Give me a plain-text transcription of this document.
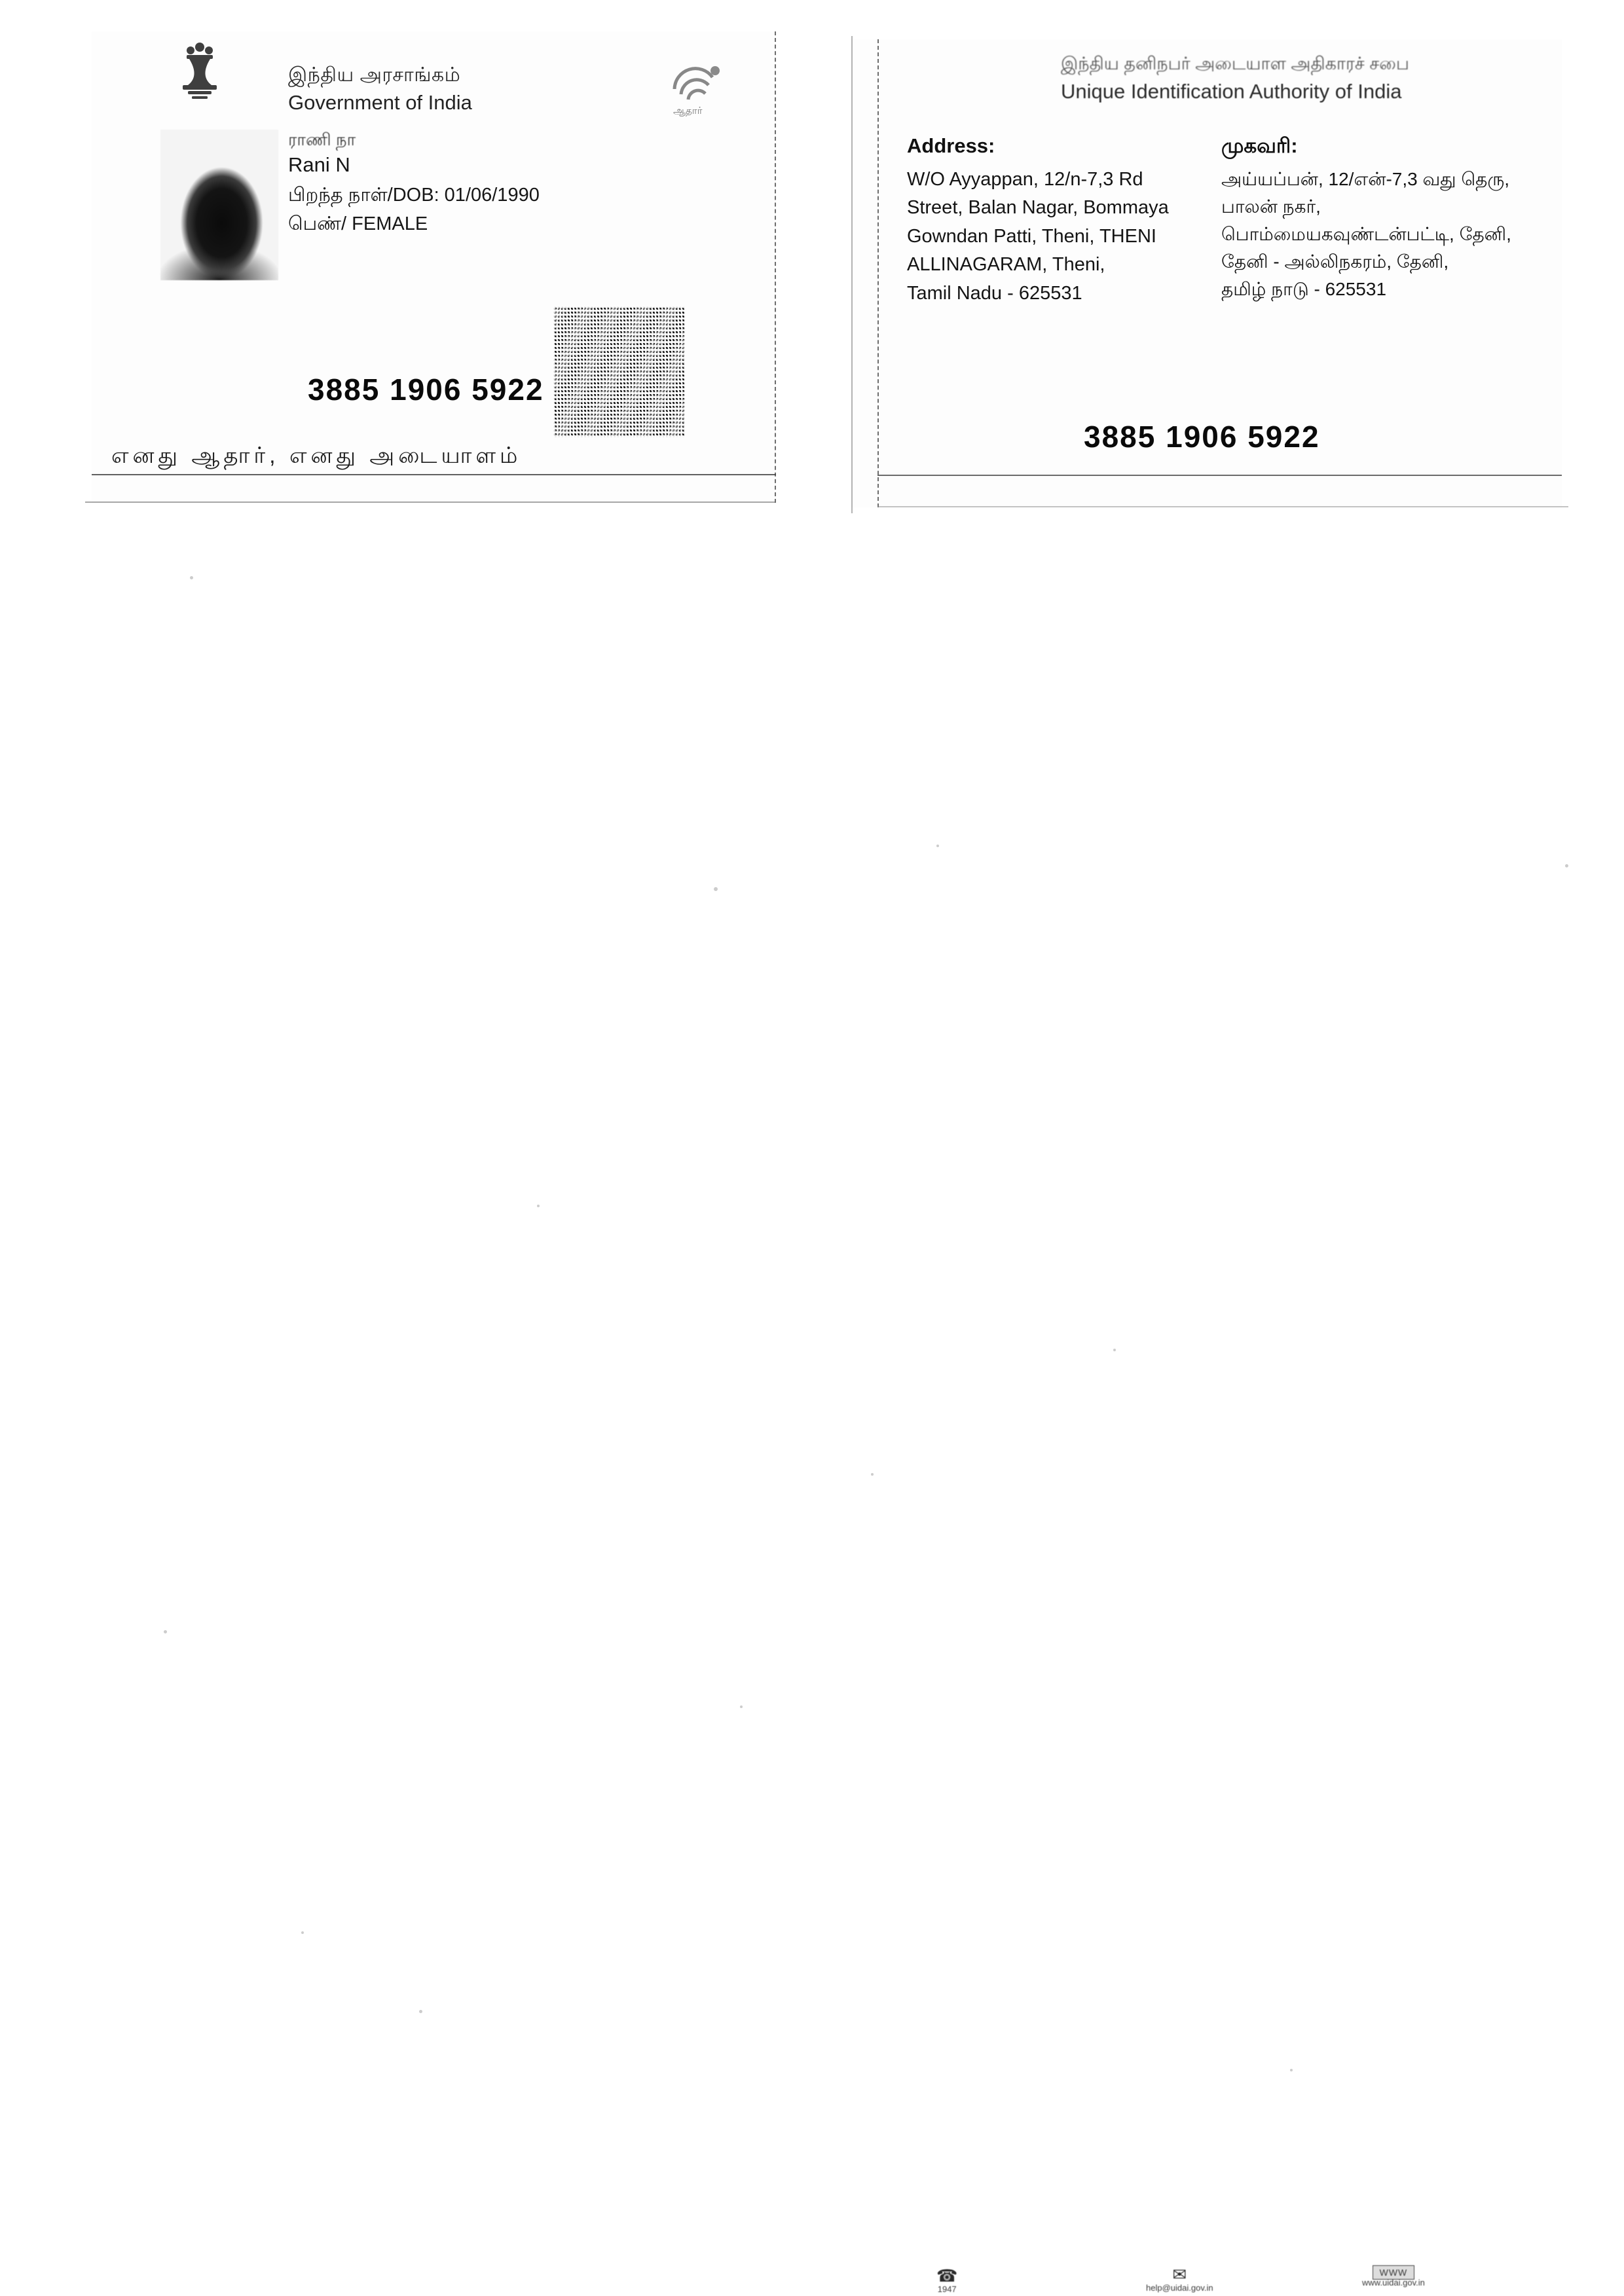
இந்திய அரசாங்கம்
Government of India
ராணி நா
Rani N
பிறந்த நாள்/DOB: 01/06/1990
பெண்/ FEMALE
3885 1906 5922
எனது ஆதார், எனது அடையாளம்
ஆதார்
இந்திய தனிநபர் அடையாள அதிகாரச் சபை
Unique Identification Authority of India
Address:
W/O Ayyappan, 12/n-7,3 Rd
Street, Balan Nagar, Bommaya
Gowndan Patti, Theni, THENI
ALLINAGARAM, Theni,
Tamil Nadu - 625531
முகவரி:
அய்யப்பன், 12/என்-7,3 வது தெரு,
பாலன் நகர்,
பொம்மையகவுண்டன்பட்டி, தேனி,
தேனி - அல்லிநகரம், தேனி,
தமிழ் நாடு - 625531
3885 1906 5922
☎
1947
✉
help@uidai.gov.in
WWW
www.uidai.gov.in
